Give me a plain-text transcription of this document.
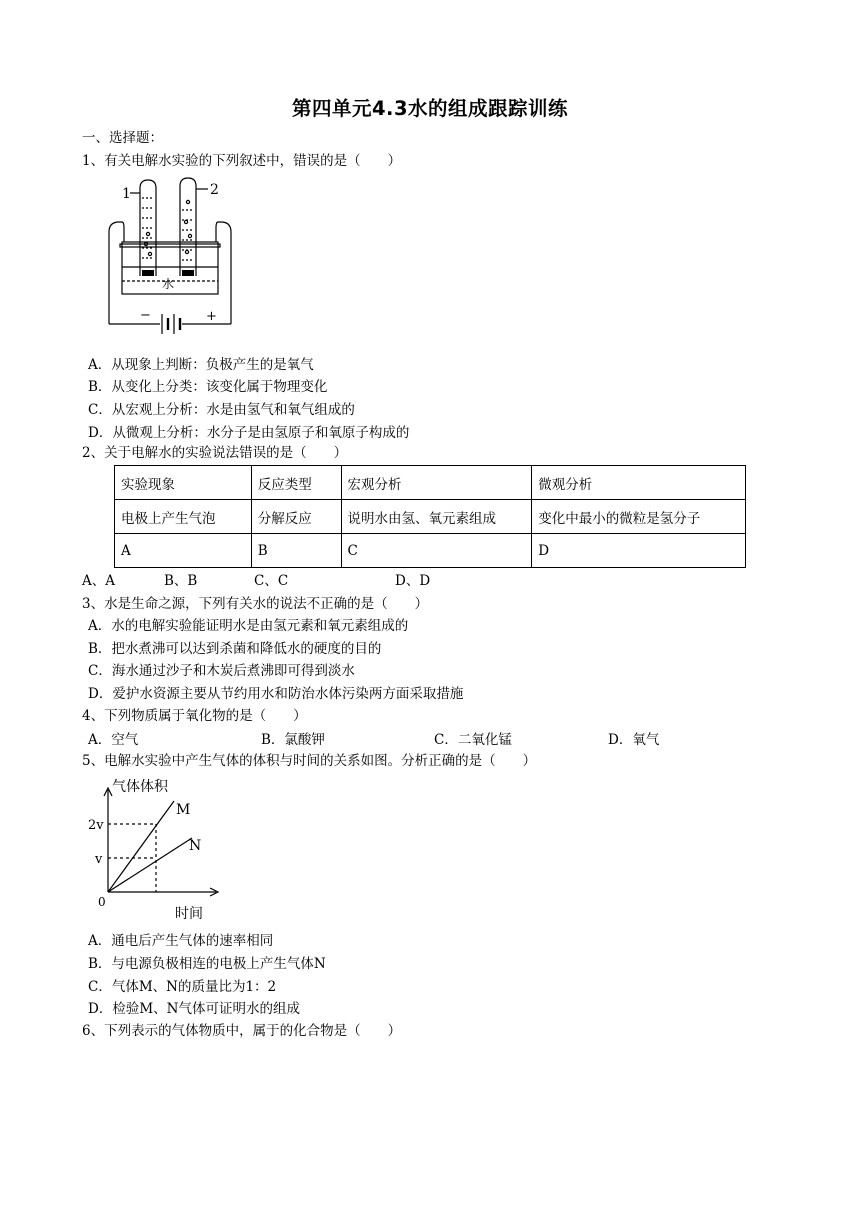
第四单元4.3水的组成跟踪训练
一、选择题：
1、有关电解水实验的下列叙述中，错误的是（　　）
1	2
水
−	+
A．从现象上判断：负极产生的是氧气
B．从变化上分类：该变化属于物理变化
C．从宏观上分析：水是由氢气和氧气组成的
D．从微观上分析：水分子是由氢原子和氧原子构成的
2、关于电解水的实验说法错误的是（　　）
实验现象	反应类型	宏观分析	微观分析
电极上产生气泡	分解反应	说明水由氢、氧元素组成	变化中最小的微粒是氢分子
A	B	C	D
A、A	B、B	C、C	D、D
3、水是生命之源，下列有关水的说法不正确的是（　　）
A．水的电解实验能证明水是由氢元素和氧元素组成的
B．把水煮沸可以达到杀菌和降低水的硬度的目的
C．海水通过沙子和木炭后煮沸即可得到淡水
D．爱护水资源主要从节约用水和防治水体污染两方面采取措施
4、下列物质属于氧化物的是（　　）
A．空气	B．氯酸钾	C．二氧化锰	D．氧气
5、电解水实验中产生气体的体积与时间的关系如图。分析正确的是（　　）
气体体积
2v
v
0
时间
M
N
A．通电后产生气体的速率相同
B．与电源负极相连的电极上产生气体N
C．气体M、N的质量比为1：2
D．检验M、N气体可证明水的组成
6、下列表示的气体物质中，属于的化合物是（　　）
